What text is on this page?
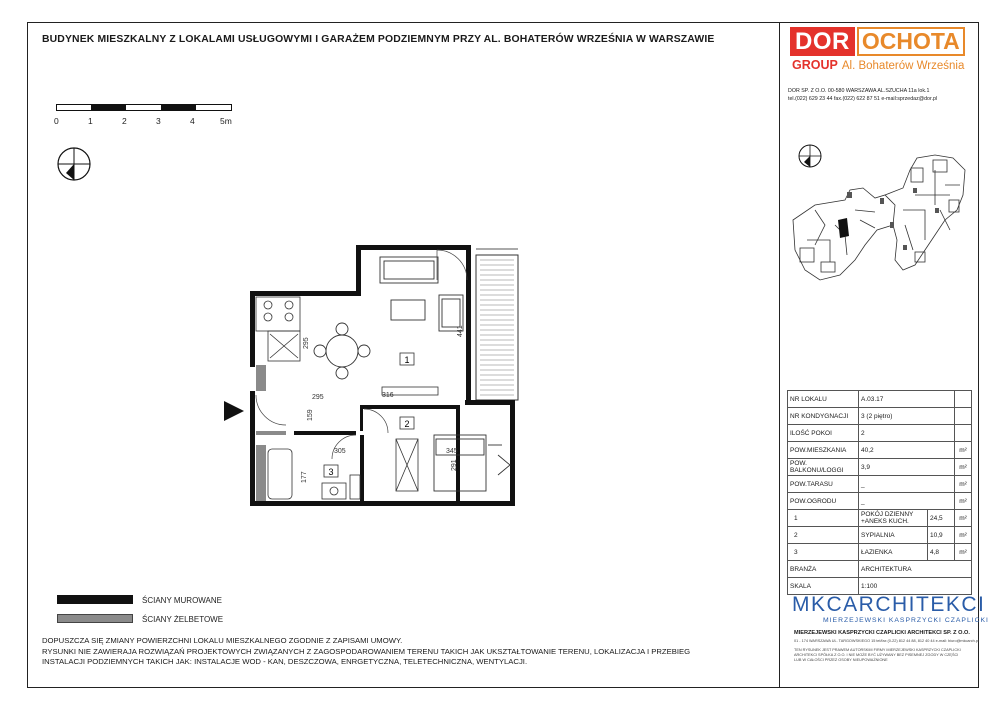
BUDYNEK MIESZKALNY Z LOKALAMI USŁUGOWYMI I GARAŻEM PODZIEMNYM PRZY AL. BOHATERÓW WRZEŚNIA W WARSZAWIE	DOR OCHOTA
GROUP Al. Bohaterów Września
DOR SP. Z O.O. 00-580 WARSZAWA AL.SZUCHA 11a lok.1
tel.(022) 629 23 44 fax.(022) 622 87 51 e-mail:sprzedaz@dor.pl
0	1	2	3	4	5m
1
2
3
295
316
295
159
305	345
291
177
441
NR LOKALU	A.03.17		
NR KONDYGNACJI	3 (2 piętro)		
ILOŚĆ POKOI	2		
POW.MIESZKANIA	40,2		m²
POW. BALKONU/LOGGI	3,9		m²
POW.TARASU	_		m²
POW.OGRODU	_		m²
1	POKÓJ DZIENNY +ANEKS KUCH.	24,5	m²
2	SYPIALNIA	10,9	m²
3	ŁAZIENKA	4,8	m²
BRANŻA	ARCHITEKTURA		
SKALA	1:100		
ŚCIANY MUROWANE
ŚCIANY ŻELBETOWE
DOPUSZCZA SIĘ ZMIANY POWIERZCHNI LOKALU MIESZKALNEGO ZGODNIE Z ZAPISAMI UMOWY.
RYSUNKI NIE ZAWIERAJA ROZWIĄZAŃ PROJEKTOWYCH ZWIĄZANYCH Z ZAGOSPODAROWANIEM TERENU TAKICH JAK UKSZTAŁTOWANIE TERENU, LOKALIZACJA I PRZEBIEG
INSTALACJI PODZIEMNYCH TAKICH JAK: INSTALACJE WOD - KAN, DESZCZOWA, ENRGETYCZNA, TELETECHNICZNA, WENTYLACJI.
MKCARCHITEKCI
MIERZEJEWSKI KASPRZYCKI CZAPLICKI
MIERZEJEWSKI KASPRZYCKI CZAPLICKI ARCHITEKCI SP. Z O.O.
01 - 174 WARSZAWA UL. TARGOWSKIEGO 15 tel/fax (0-22) 812 44 88, 812 40 44 e-mail: biuro@mkcarch.pl
TEN RYSUNEK JEST PRAWEM AUTORSKIM FIRMY MIERZEJEWSKI KASPRZYCKI CZAPLICKI
ARCHITEKCI SPÓŁKA Z O.O. I NIE MOŻE BYĆ UŻYWANY BEZ PISEMNEJ ZGODY W CZĘŚCI
LUB W CAŁOŚCI PRZEZ OSOBY NIEUPOWAŻNIONE
